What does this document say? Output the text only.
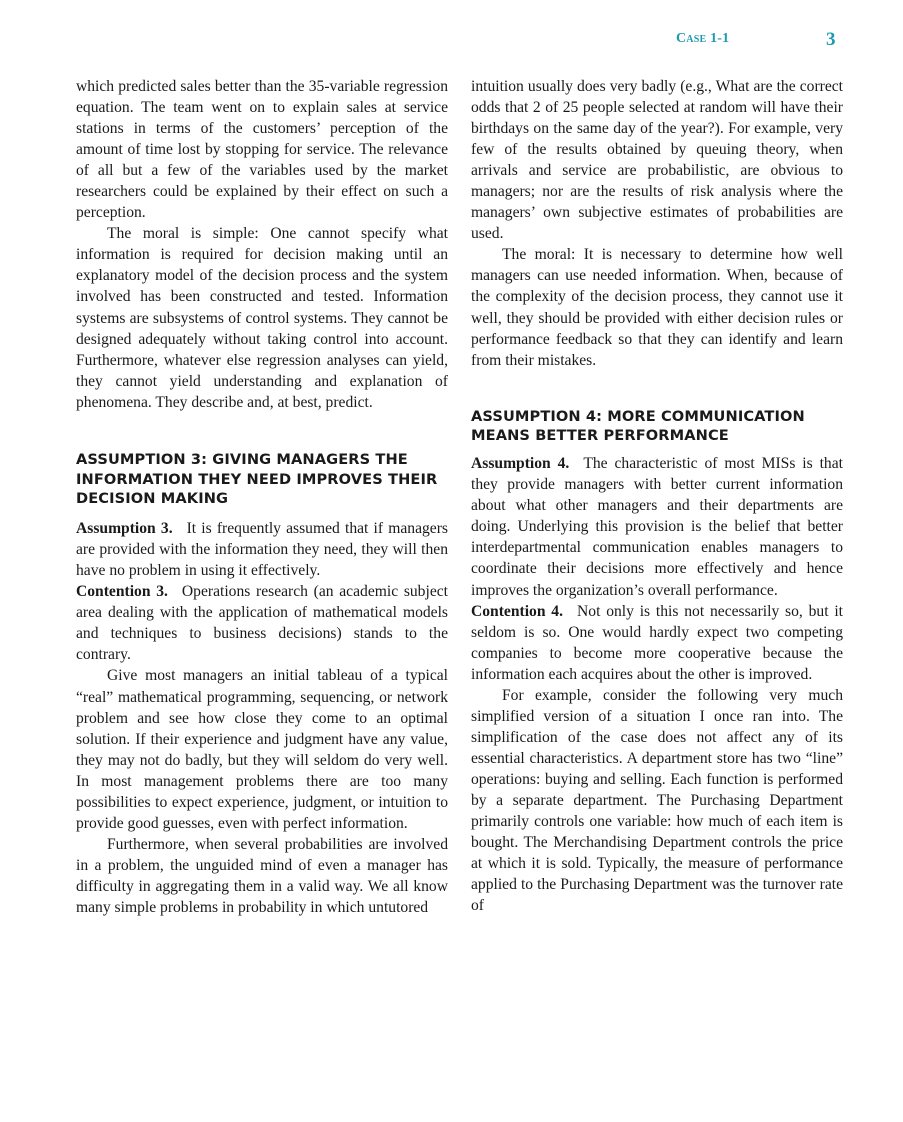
Case 1-1	3

which predicted sales better than the 35-variable regression equation. The team went on to explain sales at service stations in terms of the customers’ perception of the amount of time lost by stopping for service. The relevance of all but a few of the variables used by the market researchers could be explained by their effect on such a perception.

The moral is simple: One cannot specify what information is required for decision making until an explanatory model of the decision process and the system involved has been constructed and tested. Information systems are subsystems of control systems. They cannot be designed adequately without taking control into account. Furthermore, whatever else regression analyses can yield, they cannot yield understanding and explanation of phenomena. They describe and, at best, predict.

ASSUMPTION 3: GIVING MANAGERS THE INFORMATION THEY NEED IMPROVES THEIR DECISION MAKING

Assumption 3. It is frequently assumed that if managers are provided with the information they need, they will then have no problem in using it effectively.

Contention 3. Operations research (an academic subject area dealing with the application of mathematical models and techniques to business decisions) stands to the contrary.

Give most managers an initial tableau of a typical “real” mathematical programming, sequencing, or network problem and see how close they come to an optimal solution. If their experience and judgment have any value, they may not do badly, but they will seldom do very well. In most management problems there are too many possibilities to expect experience, judgment, or intuition to provide good guesses, even with perfect information.

Furthermore, when several probabilities are involved in a problem, the unguided mind of even a manager has difficulty in aggregating them in a valid way. We all know many simple problems in probability in which untutored

intuition usually does very badly (e.g., What are the correct odds that 2 of 25 people selected at random will have their birthdays on the same day of the year?). For example, very few of the results obtained by queuing theory, when arrivals and service are probabilistic, are obvious to managers; nor are the results of risk analysis where the managers’ own subjective estimates of probabilities are used.

The moral: It is necessary to determine how well managers can use needed information. When, because of the complexity of the decision process, they cannot use it well, they should be provided with either decision rules or performance feedback so that they can identify and learn from their mistakes.

ASSUMPTION 4: MORE COMMUNICATION MEANS BETTER PERFORMANCE

Assumption 4. The characteristic of most MISs is that they provide managers with better current information about what other managers and their departments are doing. Underlying this provision is the belief that better interdepartmental communication enables managers to coordinate their decisions more effectively and hence improves the organization’s overall performance.

Contention 4. Not only is this not necessarily so, but it seldom is so. One would hardly expect two competing companies to become more cooperative because the information each acquires about the other is improved.

For example, consider the following very much simplified version of a situation I once ran into. The simplification of the case does not affect any of its essential characteristics. A department store has two “line” operations: buying and selling. Each function is performed by a separate department. The Purchasing Department primarily controls one variable: how much of each item is bought. The Merchandising Department controls the price at which it is sold. Typically, the measure of performance applied to the Purchasing Department was the turnover rate of
